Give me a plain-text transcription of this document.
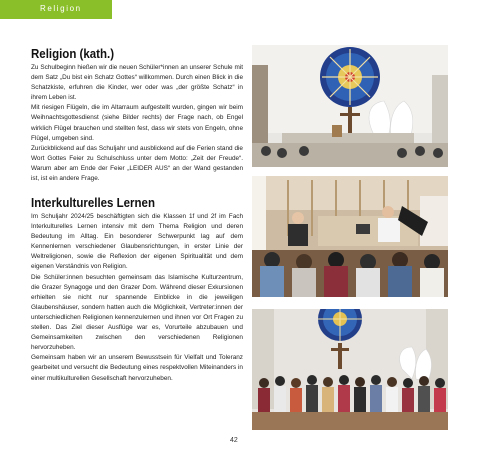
Religion
Religion (kath.)

Zu Schulbeginn hießen wir die neuen Schüler*innen an unserer Schule mit dem Satz „Du bist ein Schatz Gottes“ willkommen. Durch einen Blick in die Schatzkiste, erfuhren die Kinder, wer oder was „der größte Schatz“ in ihrem Leben ist.

Mit riesigen Flügeln, die im Altarraum aufgestellt wurden, gingen wir beim Weihnachtsgottesdienst (siehe Bilder rechts) der Frage nach, ob Engel wirklich Flügel brauchen und stellten fest, dass wir stets von Engeln, ohne Flügel, umgeben sind.

Zurückblickend auf das Schuljahr und ausblickend auf die Ferien stand die Wort Gottes Feier zu Schulschluss unter dem Motto: „Zeit der Freude“. Warum aber am Ende der Feier „LEIDER AUS“ an der Wand gestanden ist, ist ein andere Frage.

Interkulturelles Lernen

Im Schuljahr 2024/25 beschäftigten sich die Klassen 1f und 2f im Fach Interkulturelles Lernen intensiv mit dem Thema Religion und deren Bedeutung im Alltag. Ein besonderer Schwerpunkt lag auf dem Kennenlernen verschiedener Glaubensrichtungen, in erster Linie der Weltreligionen, sowie die Reflexion der eigenen Spiritualität und dem eigenen Verständnis von Religion.

Die Schüler:innen besuchten gemeinsam das Islamische Kulturzentrum, die Grazer Synagoge und den Grazer Dom. Während dieser Exkursionen erhielten sie nicht nur spannende Einblicke in die jeweiligen Glaubenshäuser, sondern hatten auch die Möglichkeit, Vertreter:innen der unterschiedlichen Religionen kennenzulernen und ihnen vor Ort Fragen zu stellen. Das Ziel dieser Ausflüge war es, Vorurteile abzubauen und Gemeinsamkeiten zwischen den verschiedenen Religionen hervorzuheben.

Gemeinsam haben wir an unserem Bewusstsein für Vielfalt und Toleranz gearbeitet und versucht die Bedeutung eines respektvollen Miteinanders in einer multikulturellen Gesellschaft hervorzuheben.

42
